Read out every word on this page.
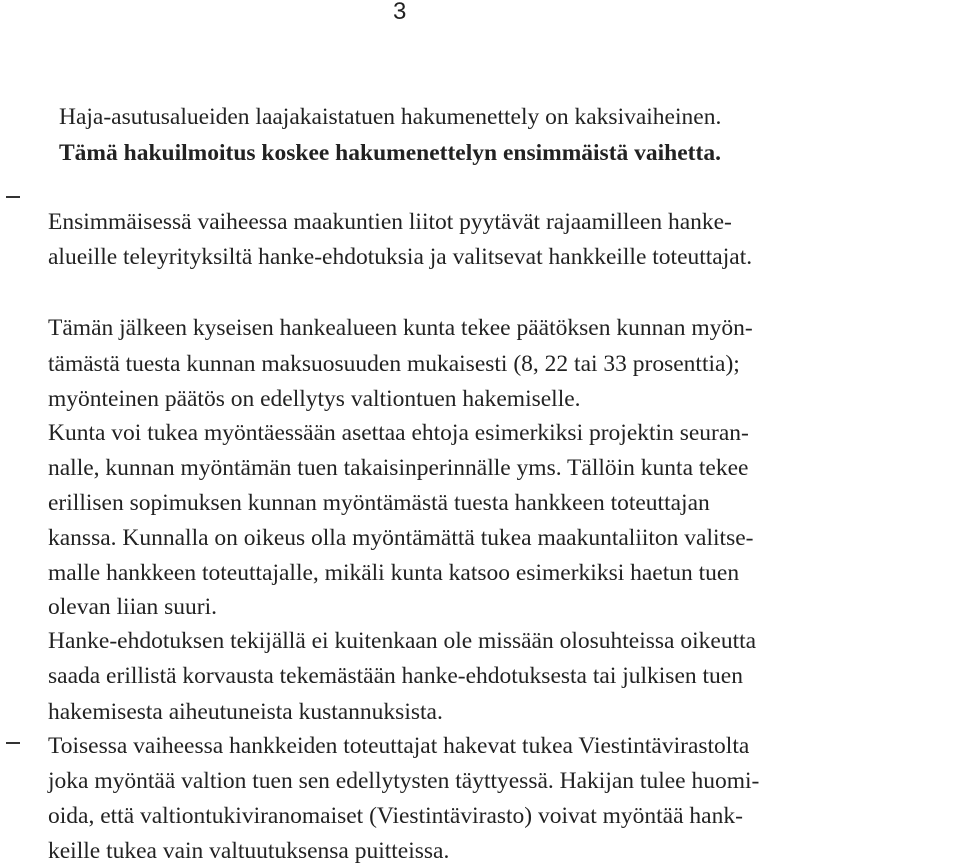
3
Haja-asutusalueiden laajakaistatuen hakumenettely on kaksivaiheinen.
Tämä hakuilmoitus koskee hakumenettelyn ensimmäistä vaihetta.
Ensimmäisessä vaiheessa maakuntien liitot pyytävät rajaamilleen hanke-
alueille teleyrityksiltä hanke-ehdotuksia ja valitsevat hankkeille toteuttajat.
Tämän jälkeen kyseisen hankealueen kunta tekee päätöksen kunnan myön-
tämästä tuesta kunnan maksuosuuden mukaisesti (8, 22 tai 33 prosenttia);
myönteinen päätös on edellytys valtiontuen hakemiselle.
Kunta voi tukea myöntäessään asettaa ehtoja esimerkiksi projektin seuran-
nalle, kunnan myöntämän tuen takaisinperinnälle yms. Tällöin kunta tekee
erillisen sopimuksen kunnan myöntämästä tuesta hankkeen toteuttajan
kanssa. Kunnalla on oikeus olla myöntämättä tukea maakuntaliiton valitse-
malle hankkeen toteuttajalle, mikäli kunta katsoo esimerkiksi haetun tuen
olevan liian suuri.
Hanke-ehdotuksen tekijällä ei kuitenkaan ole missään olosuhteissa oikeutta
saada erillistä korvausta tekemästään hanke-ehdotuksesta tai julkisen tuen
hakemisesta aiheutuneista kustannuksista.
Toisessa vaiheessa hankkeiden toteuttajat hakevat tukea Viestintävirastolta
joka myöntää valtion tuen sen edellytysten täyttyessä. Hakijan tulee huomi-
oida, että valtiontukiviranomaiset (Viestintävirasto) voivat myöntää hank-
keille tukea vain valtuutuksensa puitteissa.
